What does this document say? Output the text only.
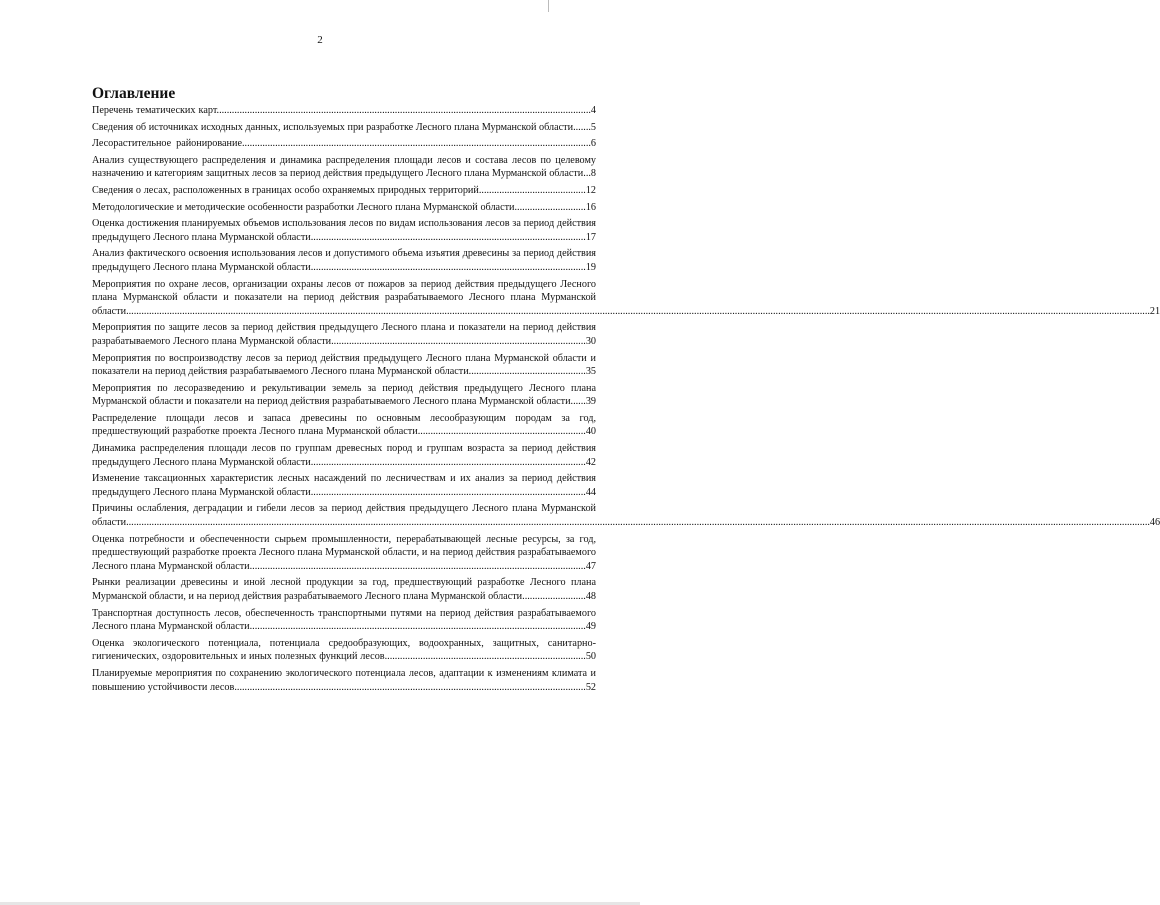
2
Оглавление
Перечень тематических карт...................................................................................................................................................4
Сведения об источниках исходных данных, используемых при разработке Лесного плана Мурманской области.......5
Лесорастительное районирование.........................................................................................................................................6
Анализ существующего распределения и динамика распределения площади лесов и состава лесов по целевому назначению и категориям защитных лесов за период действия предыдущего Лесного плана Мурманской области...8
Сведения о лесах, расположенных в границах особо охраняемых природных территорий..........................................12
Методологические и методические особенности разработки Лесного плана Мурманской области............................16
Оценка достижения планируемых объемов использования лесов по видам использования лесов за период действия предыдущего Лесного плана Мурманской области............................................................................................................17
Анализ фактического освоения использования лесов и допустимого объема изъятия древесины за период действия предыдущего Лесного плана Мурманской области............................................................................................................19
Мероприятия по охране лесов, организации охраны лесов от пожаров за период действия предыдущего Лесного плана Мурманской области и показатели на период действия разрабатываемого Лесного плана Мурманской области..................................................................................................................................................................................................................................................................................................................................................................................................................21
Мероприятия по защите лесов за период действия предыдущего Лесного плана и показатели на период действия разрабатываемого Лесного плана Мурманской области....................................................................................................30
Мероприятия по воспроизводству лесов за период действия предыдущего Лесного плана Мурманской области и показатели на период действия разрабатываемого Лесного плана Мурманской области..............................................35
Мероприятия по лесоразведению и рекультивации земель за период действия предыдущего Лесного плана Мурманской области и показатели на период действия разрабатываемого Лесного плана Мурманской области......39
Распределение площади лесов и запаса древесины по основным лесообразующим породам за год, предшествующий разработке проекта Лесного плана Мурманской области..................................................................40
Динамика распределения площади лесов по группам древесных пород и группам возраста за период действия предыдущего Лесного плана Мурманской области............................................................................................................42
Изменение таксационных характеристик лесных насаждений по лесничествам и их анализ за период действия предыдущего Лесного плана Мурманской области............................................................................................................44
Причины ослабления, деградации и гибели лесов за период действия предыдущего Лесного плана Мурманской области..................................................................................................................................................................................................................................................................................................................................................................................................................46
Оценка потребности и обеспеченности сырьем промышленности, перерабатывающей лесные ресурсы, за год, предшествующий разработке проекта Лесного плана Мурманской области, и на период действия разрабатываемого Лесного плана Мурманской области....................................................................................................................................47
Рынки реализации древесины и иной лесной продукции за год, предшествующий разработке Лесного плана Мурманской области, и на период действия разрабатываемого Лесного плана Мурманской области.........................48
Транспортная доступность лесов, обеспеченность транспортными путями на период действия разрабатываемого Лесного плана Мурманской области....................................................................................................................................49
Оценка экологического потенциала, потенциала средообразующих, водоохранных, защитных, санитарно-гигиенических, оздоровительных и иных полезных функций лесов...............................................................................50
Планируемые мероприятия по сохранению экологического потенциала лесов, адаптации к изменениям климата и повышению устойчивости лесов..........................................................................................................................................52
